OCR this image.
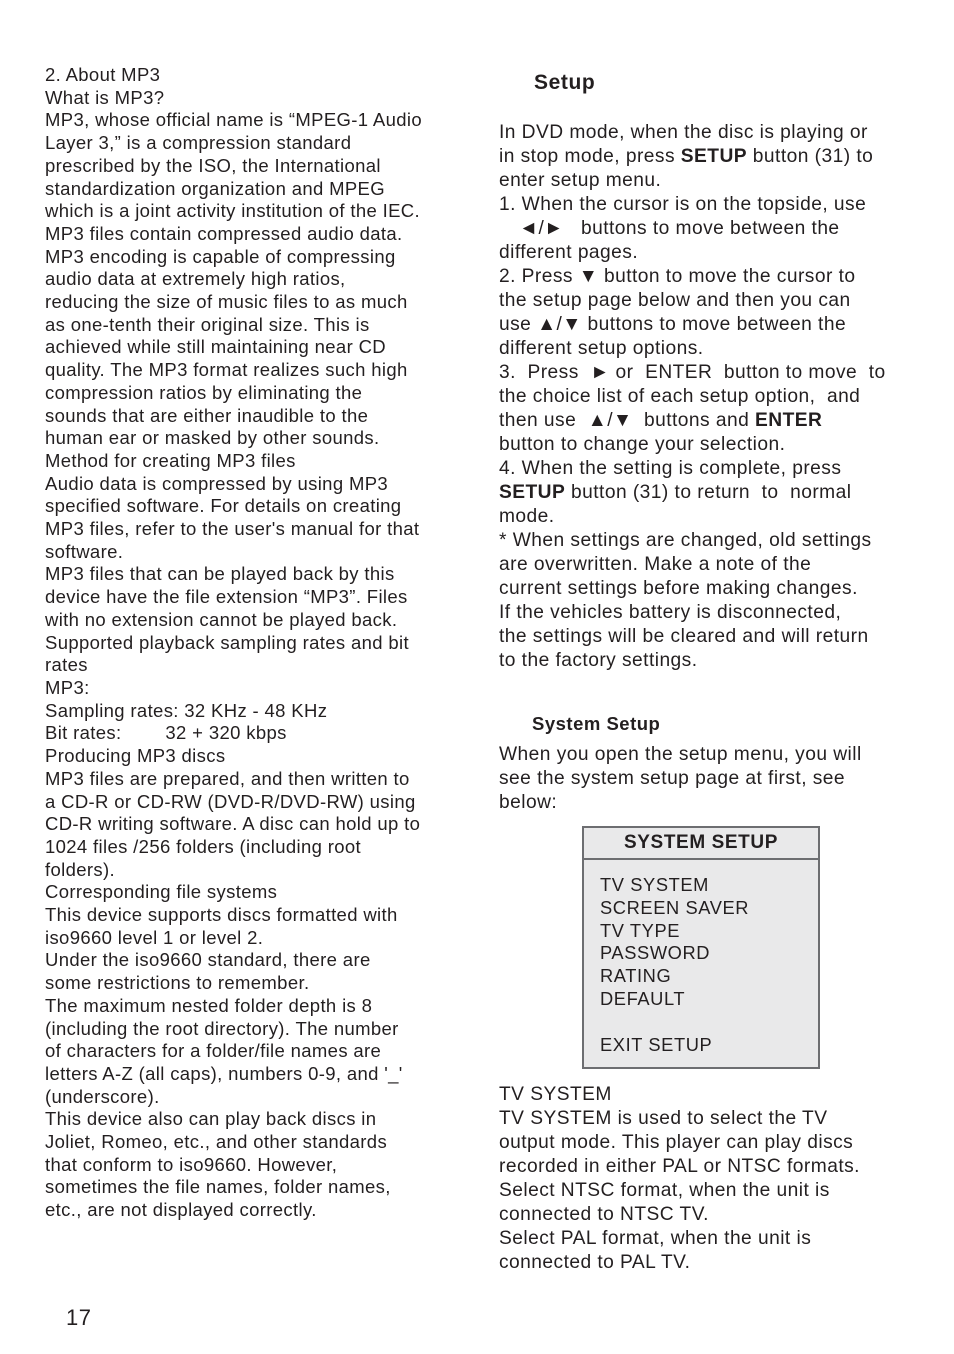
2. About MP3
What is MP3?
MP3, whose official name is “MPEG-1 Audio
Layer 3,” is a compression standard
prescribed by the ISO, the International
standardization organization and MPEG
which is a joint activity institution of the IEC.
MP3 files contain compressed audio data.
MP3 encoding is capable of compressing
audio data at extremely high ratios,
reducing the size of music files to as much
as one-tenth their original size. This is
achieved while still maintaining near CD
quality. The MP3 format realizes such high
compression ratios by eliminating the
sounds that are either inaudible to the
human ear or masked by other sounds.
Method for creating MP3 files
Audio data is compressed by using MP3
specified software. For details on creating
MP3 files, refer to the user's manual for that
software.
MP3 files that can be played back by this
device have the file extension “MP3”. Files
with no extension cannot be played back.
Supported playback sampling rates and bit
rates
MP3:
Sampling rates: 32 KHz - 48 KHz
Bit rates:        32 + 320 kbps
Producing MP3 discs
MP3 files are prepared, and then written to
a CD-R or CD-RW (DVD-R/DVD-RW) using
CD-R writing software. A disc can hold up to
1024 files /256 folders (including root
folders).
Corresponding file systems
This device supports discs formatted with
iso9660 level 1 or level 2.
Under the iso9660 standard, there are
some restrictions to remember.
The maximum nested folder depth is 8
(including the root directory). The number
of characters for a folder/file names are
letters A-Z (all caps), numbers 0-9, and '_'
(underscore).
This device also can play back discs in
Joliet, Romeo, etc., and other standards
that conform to iso9660. However,
sometimes the file names, folder names,
etc., are not displayed correctly.
Setup
In DVD mode, when the disc is playing or
in stop mode, press SETUP button (31) to
enter setup menu.
1. When the cursor is on the topside, use
◄/►   buttons to move between the
different pages.
2. Press ▼ button to move the cursor to
the setup page below and then you can
use ▲/▼ buttons to move between the
different setup options.
3.  Press  ► or  ENTER  button to move  to
the choice list of each setup option,  and
then use  ▲/▼  buttons and ENTER
button to change your selection.
4. When the setting is complete, press
SETUP button (31) to return  to  normal
mode.
* When settings are changed, old settings
are overwritten. Make a note of the
current settings before making changes.
If the vehicles battery is disconnected,
the settings will be cleared and will return
to the factory settings.
System Setup
When you open the setup menu, you will
see the system setup page at first, see
below:
SYSTEM SETUP
TV SYSTEM
SCREEN SAVER
TV TYPE
PASSWORD
RATING
DEFAULT
EXIT SETUP
TV SYSTEM
TV SYSTEM is used to select the TV
output mode. This player can play discs
recorded in either PAL or NTSC formats.
Select NTSC format, when the unit is
connected to NTSC TV.
Select PAL format, when the unit is
connected to PAL TV.
17
